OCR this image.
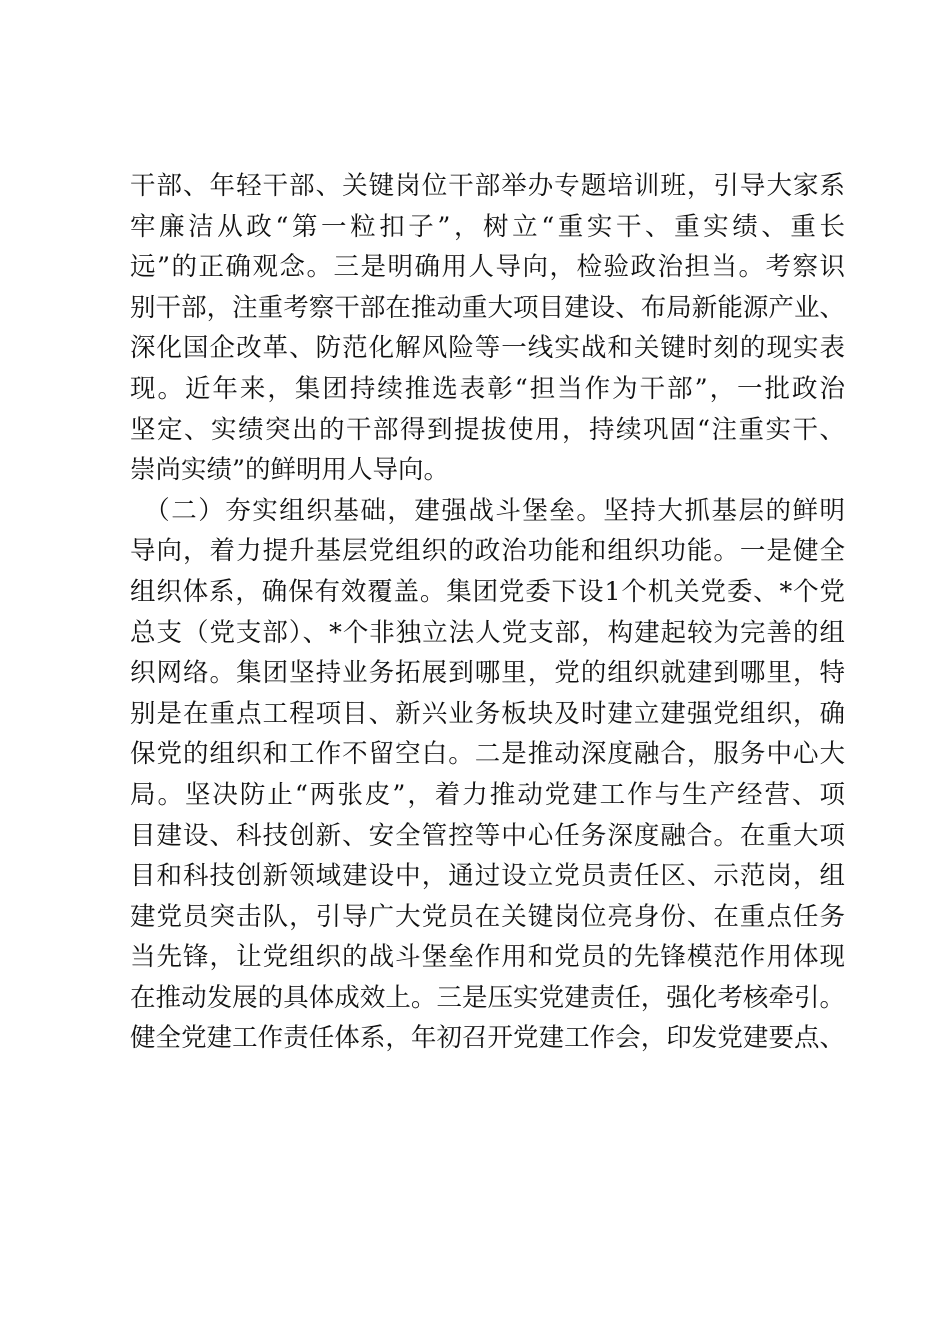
干部、年轻干部、关键岗位干部举办专题培训班，引导大家系
牢廉洁从政“第一粒扣子”，树立“重实干、重实绩、重长
远”的正确观念。三是明确用人导向，检验政治担当。考察识
别干部，注重考察干部在推动重大项目建设、布局新能源产业、
深化国企改革、防范化解风险等一线实战和关键时刻的现实表
现。近年来，集团持续推选表彰“担当作为干部”，一批政治
坚定、实绩突出的干部得到提拔使用，持续巩固“注重实干、
崇尚实绩”的鲜明用人导向。
　（二）夯实组织基础，建强战斗堡垒。坚持大抓基层的鲜明
导向，着力提升基层党组织的政治功能和组织功能。一是健全
组织体系，确保有效覆盖。集团党委下设1个机关党委、*个党
总支（党支部）、*个非独立法人党支部，构建起较为完善的组
织网络。集团坚持业务拓展到哪里，党的组织就建到哪里，特
别是在重点工程项目、新兴业务板块及时建立建强党组织，确
保党的组织和工作不留空白。二是推动深度融合，服务中心大
局。坚决防止“两张皮”，着力推动党建工作与生产经营、项
目建设、科技创新、安全管控等中心任务深度融合。在重大项
目和科技创新领域建设中，通过设立党员责任区、示范岗，组
建党员突击队，引导广大党员在关键岗位亮身份、在重点任务
当先锋，让党组织的战斗堡垒作用和党员的先锋模范作用体现
在推动发展的具体成效上。三是压实党建责任，强化考核牵引。
健全党建工作责任体系，年初召开党建工作会，印发党建要点、
